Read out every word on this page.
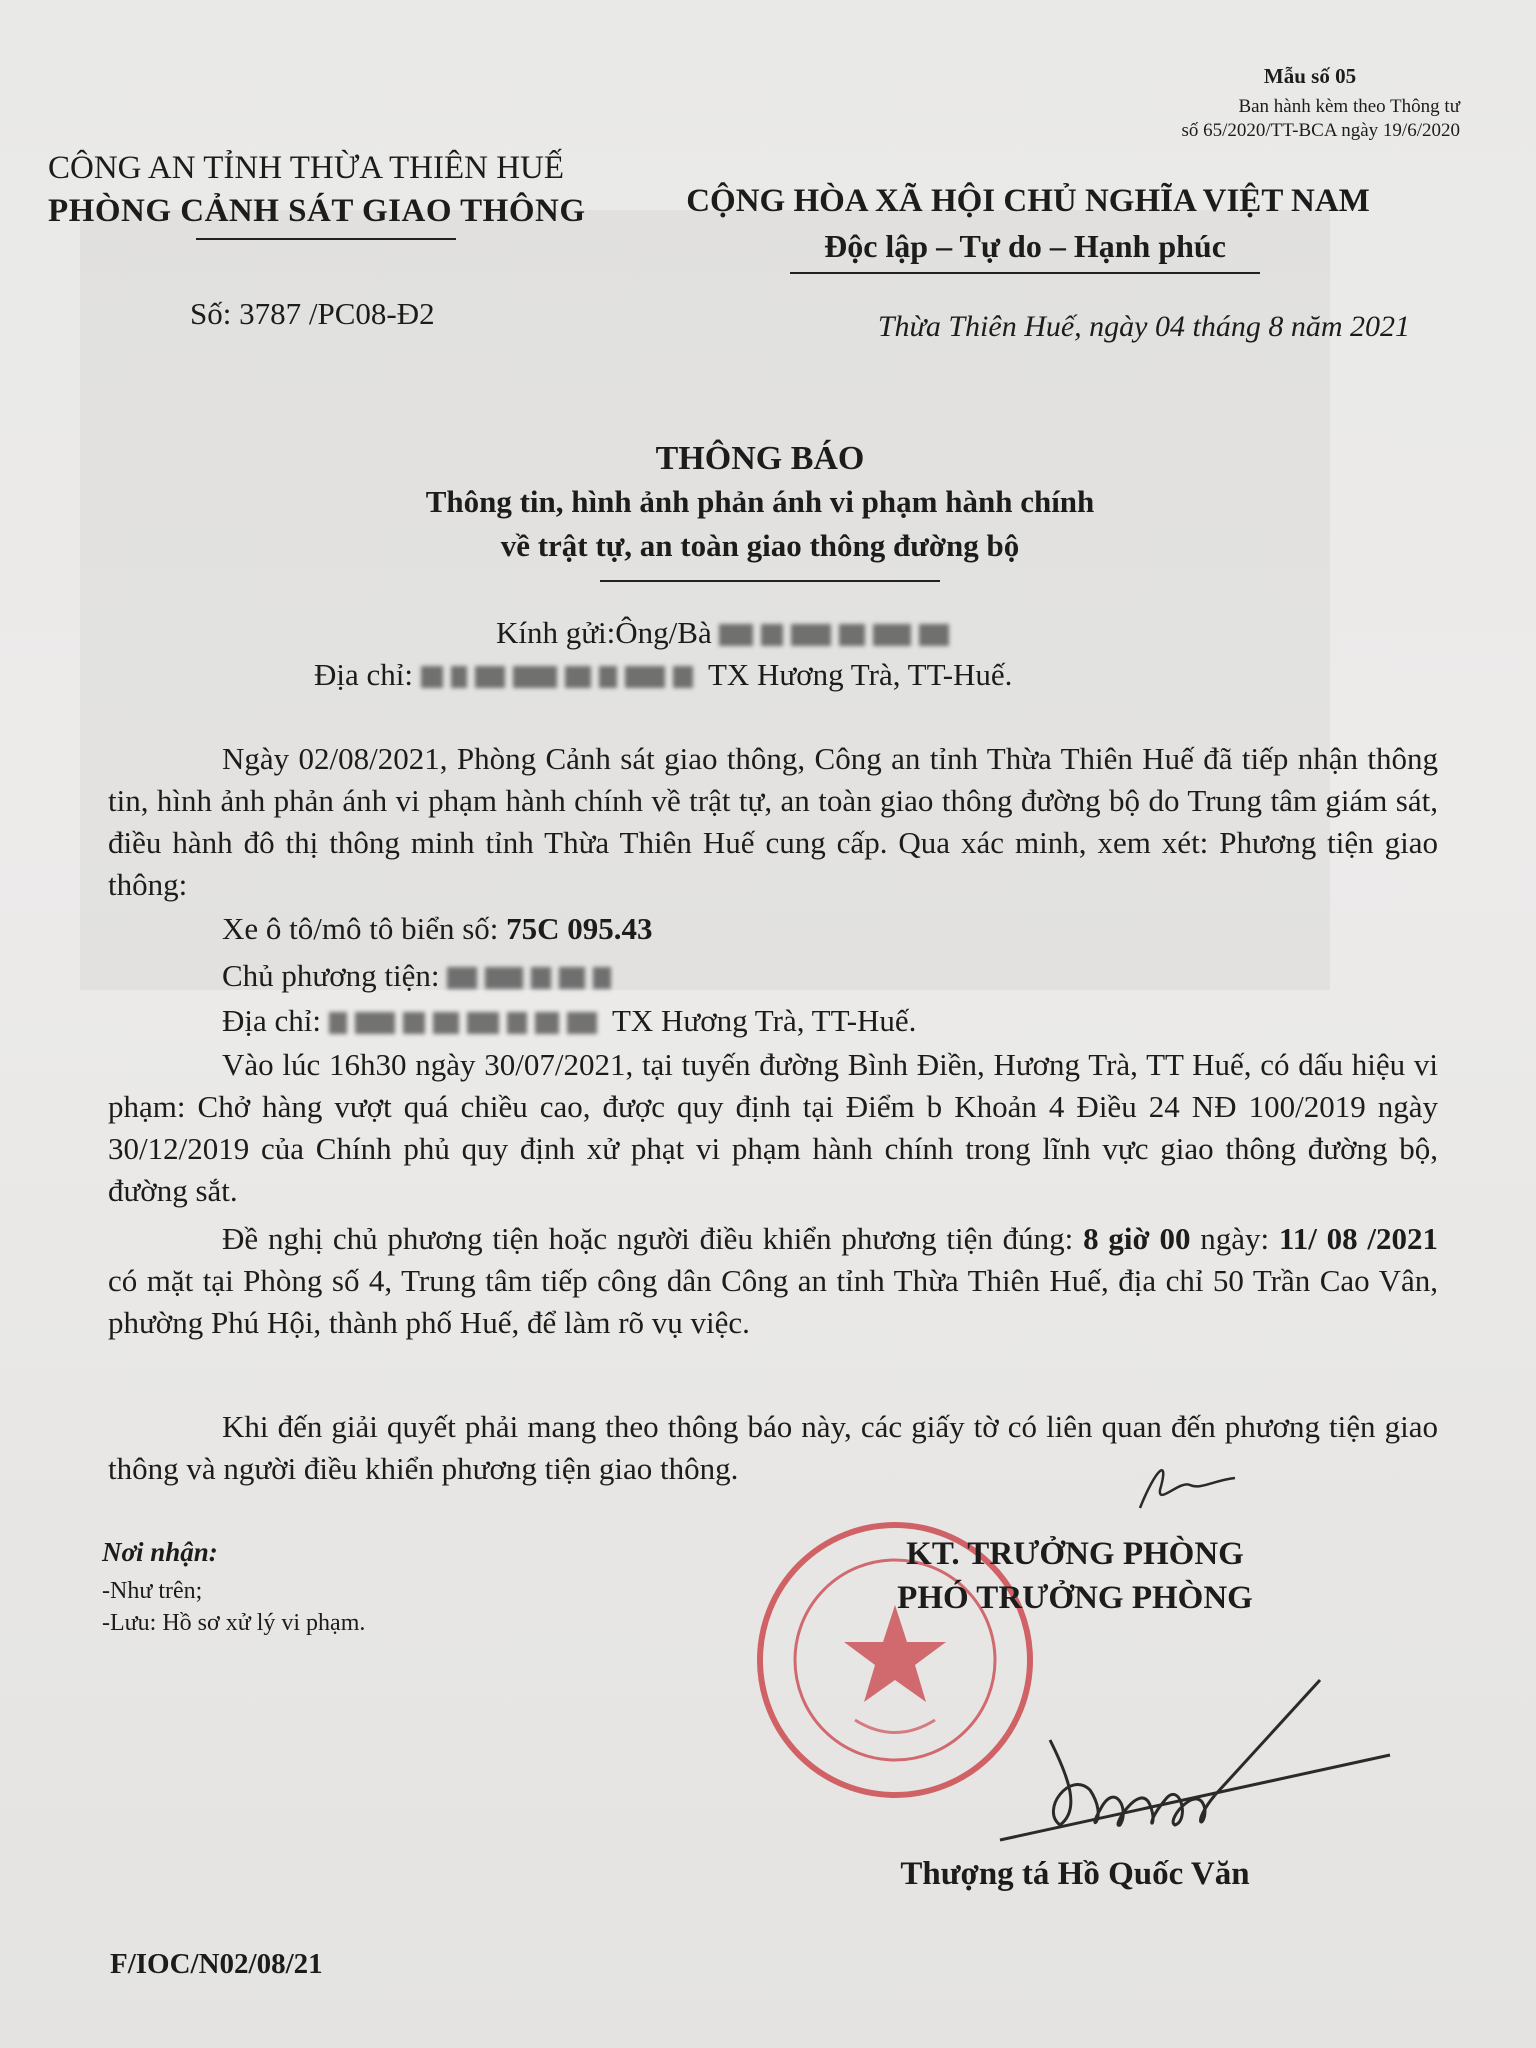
Mẫu số 05
Ban hành kèm theo Thông tư
số 65/2020/TT-BCA ngày 19/6/2020
CÔNG AN TỈNH THỪA THIÊN HUẾ
PHÒNG CẢNH SÁT GIAO THÔNG	CỘNG HÒA XÃ HỘI CHỦ NGHĨA VIỆT NAM
Độc lập – Tự do – Hạnh phúc
Số: 3787 /PC08-Đ2	Thừa Thiên Huế, ngày 04 tháng 8 năm 2021
THÔNG BÁO
Thông tin, hình ảnh phản ánh vi phạm hành chính
về trật tự, an toàn giao thông đường bộ
Kính gửi:Ông/Bà
Địa chỉ:	TX Hương Trà, TT-Huế.
Ngày 02/08/2021, Phòng Cảnh sát giao thông, Công an tỉnh Thừa Thiên Huế đã tiếp nhận thông tin, hình ảnh phản ánh vi phạm hành chính về trật tự, an toàn giao thông đường bộ do Trung tâm giám sát, điều hành đô thị thông minh tỉnh Thừa Thiên Huế cung cấp. Qua xác minh, xem xét: Phương tiện giao thông:
Xe ô tô/mô tô biển số: 75C 095.43
Chủ phương tiện:
Địa chỉ:	TX Hương Trà, TT-Huế.
Vào lúc 16h30 ngày 30/07/2021, tại tuyến đường Bình Điền, Hương Trà, TT Huế, có dấu hiệu vi phạm: Chở hàng vượt quá chiều cao, được quy định tại Điểm b Khoản 4 Điều 24 NĐ 100/2019 ngày 30/12/2019 của Chính phủ quy định xử phạt vi phạm hành chính trong lĩnh vực giao thông đường bộ, đường sắt.
Đề nghị chủ phương tiện hoặc người điều khiển phương tiện đúng: 8 giờ 00 ngày: 11/ 08 /2021 có mặt tại Phòng số 4, Trung tâm tiếp công dân Công an tỉnh Thừa Thiên Huế, địa chỉ 50 Trần Cao Vân, phường Phú Hội, thành phố Huế, để làm rõ vụ việc.
Khi đến giải quyết phải mang theo thông báo này, các giấy tờ có liên quan đến phương tiện giao thông và người điều khiển phương tiện giao thông.
Nơi nhận:
-Như trên;
-Lưu: Hồ sơ xử lý vi phạm.
KT. TRƯỞNG PHÒNG
PHÓ TRƯỞNG PHÒNG
Thượng tá Hồ Quốc Văn
F/IOC/N02/08/21
